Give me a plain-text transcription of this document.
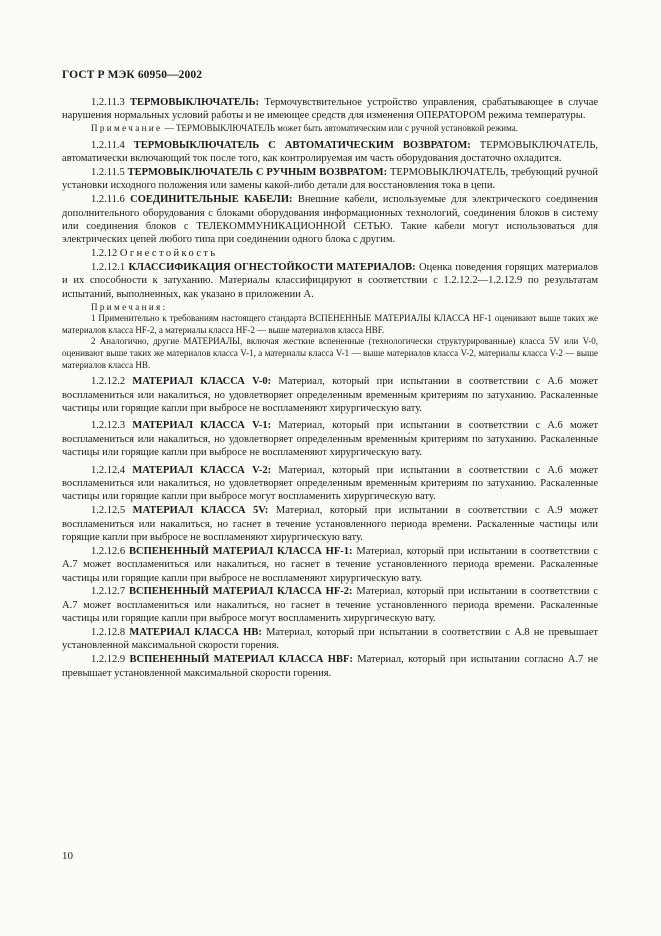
ГОСТ Р МЭК 60950—2002

1.2.11.3 ТЕРМОВЫКЛЮЧАТЕЛЬ: Термочувствительное устройство управления, срабатывающее в случае нарушения нормальных условий работы и не имеющее средств для изменения ОПЕРАТОРОМ режима температуры.

Примечание — ТЕРМОВЫКЛЮЧАТЕЛЬ может быть автоматическим или с ручной установкой режима.

1.2.11.4 ТЕРМОВЫКЛЮЧАТЕЛЬ С АВТОМАТИЧЕСКИМ ВОЗВРАТОМ: ТЕРМОВЫКЛЮЧАТЕЛЬ, автоматически включающий ток после того, как контролируемая им часть оборудования достаточно охладится.

1.2.11.5 ТЕРМОВЫКЛЮЧАТЕЛЬ С РУЧНЫМ ВОЗВРАТОМ: ТЕРМОВЫКЛЮЧАТЕЛЬ, требующий ручной установки исходного положения или замены какой-либо детали для восстановления тока в цепи.

1.2.11.6 СОЕДИНИТЕЛЬНЫЕ КАБЕЛИ: Внешние кабели, используемые для электрического соединения дополнительного оборудования с блоками оборудования информационных технологий, соединения блоков в систему или соединения блоков с ТЕЛЕКОММУНИКАЦИОННОЙ СЕТЬЮ. Такие кабели могут использоваться для электрических цепей любого типа при соединении одного блока с другим.

1.2.12 Огнестойкость

1.2.12.1 КЛАССИФИКАЦИЯ ОГНЕСТОЙКОСТИ МАТЕРИАЛОВ: Оценка поведения горящих материалов и их способности к затуханию. Материалы классифицируют в соответствии с 1.2.12.2—1.2.12.9 по результатам испытаний, выполненных, как указано в приложении А.

Примечания:

1 Применительно к требованиям настоящего стандарта ВСПЕНЕННЫЕ МАТЕРИАЛЫ КЛАССА HF-1 оценивают выше таких же материалов класса HF-2, а материалы класса HF-2 — выше материалов класса HBF.

2 Аналогично, другие МАТЕРИАЛЫ, включая жесткие вспененные (технологически структурированные) класса 5V или V-0, оценивают выше таких же материалов класса V-1, а материалы класса V-1 — выше материалов класса V-2, материалы класса V-2 — выше материалов класса HB.

1.2.12.2 МАТЕРИАЛ КЛАССА V-0: Материал, который при испытании в соответствии с А.6 может воспламениться или накалиться, но удовлетворяет определенным временны́м критериям по затуханию. Раскаленные частицы или горящие капли при выбросе не воспламеняют хирургическую вату.

1.2.12.3 МАТЕРИАЛ КЛАССА V-1: Материал, который при испытании в соответствии с А.6 может воспламениться или накалиться, но удовлетворяет определенным временны́м критериям по затуханию. Раскаленные частицы или горящие капли при выбросе не воспламеняют хирургическую вату.

1.2.12.4 МАТЕРИАЛ КЛАССА V-2: Материал, который при испытании в соответствии с А.6 может воспламениться или накалиться, но удовлетворяет определенным временны́м критериям по затуханию. Раскаленные частицы или горящие капли при выбросе могут воспламенить хирургическую вату.

1.2.12.5 МАТЕРИАЛ КЛАССА 5V: Материал, который при испытании в соответствии с А.9 может воспламениться или накалиться, но гаснет в течение установленного периода времени. Раскаленные частицы или горящие капли при выбросе не воспламеняют хирургическую вату.

1.2.12.6 ВСПЕНЕННЫЙ МАТЕРИАЛ КЛАССА HF-1: Материал, который при испытании в соответствии с А.7 может воспламениться или накалиться, но гаснет в течение установленного периода времени. Раскаленные частицы или горящие капли при выбросе не воспламеняют хирургическую вату.

1.2.12.7 ВСПЕНЕННЫЙ МАТЕРИАЛ КЛАССА HF-2: Материал, который при испытании в соответствии с А.7 может воспламениться или накалиться, но гаснет в течение установленного периода времени. Раскаленные частицы или горящие капли при выбросе могут воспламенить хирургическую вату.

1.2.12.8 МАТЕРИАЛ КЛАССА HB: Материал, который при испытании в соответствии с А.8 не превышает установленной максимальной скорости горения.

1.2.12.9 ВСПЕНЕННЫЙ МАТЕРИАЛ КЛАССА HBF: Материал, который при испытании согласно А.7 не превышает установленной максимальной скорости горения.

10
